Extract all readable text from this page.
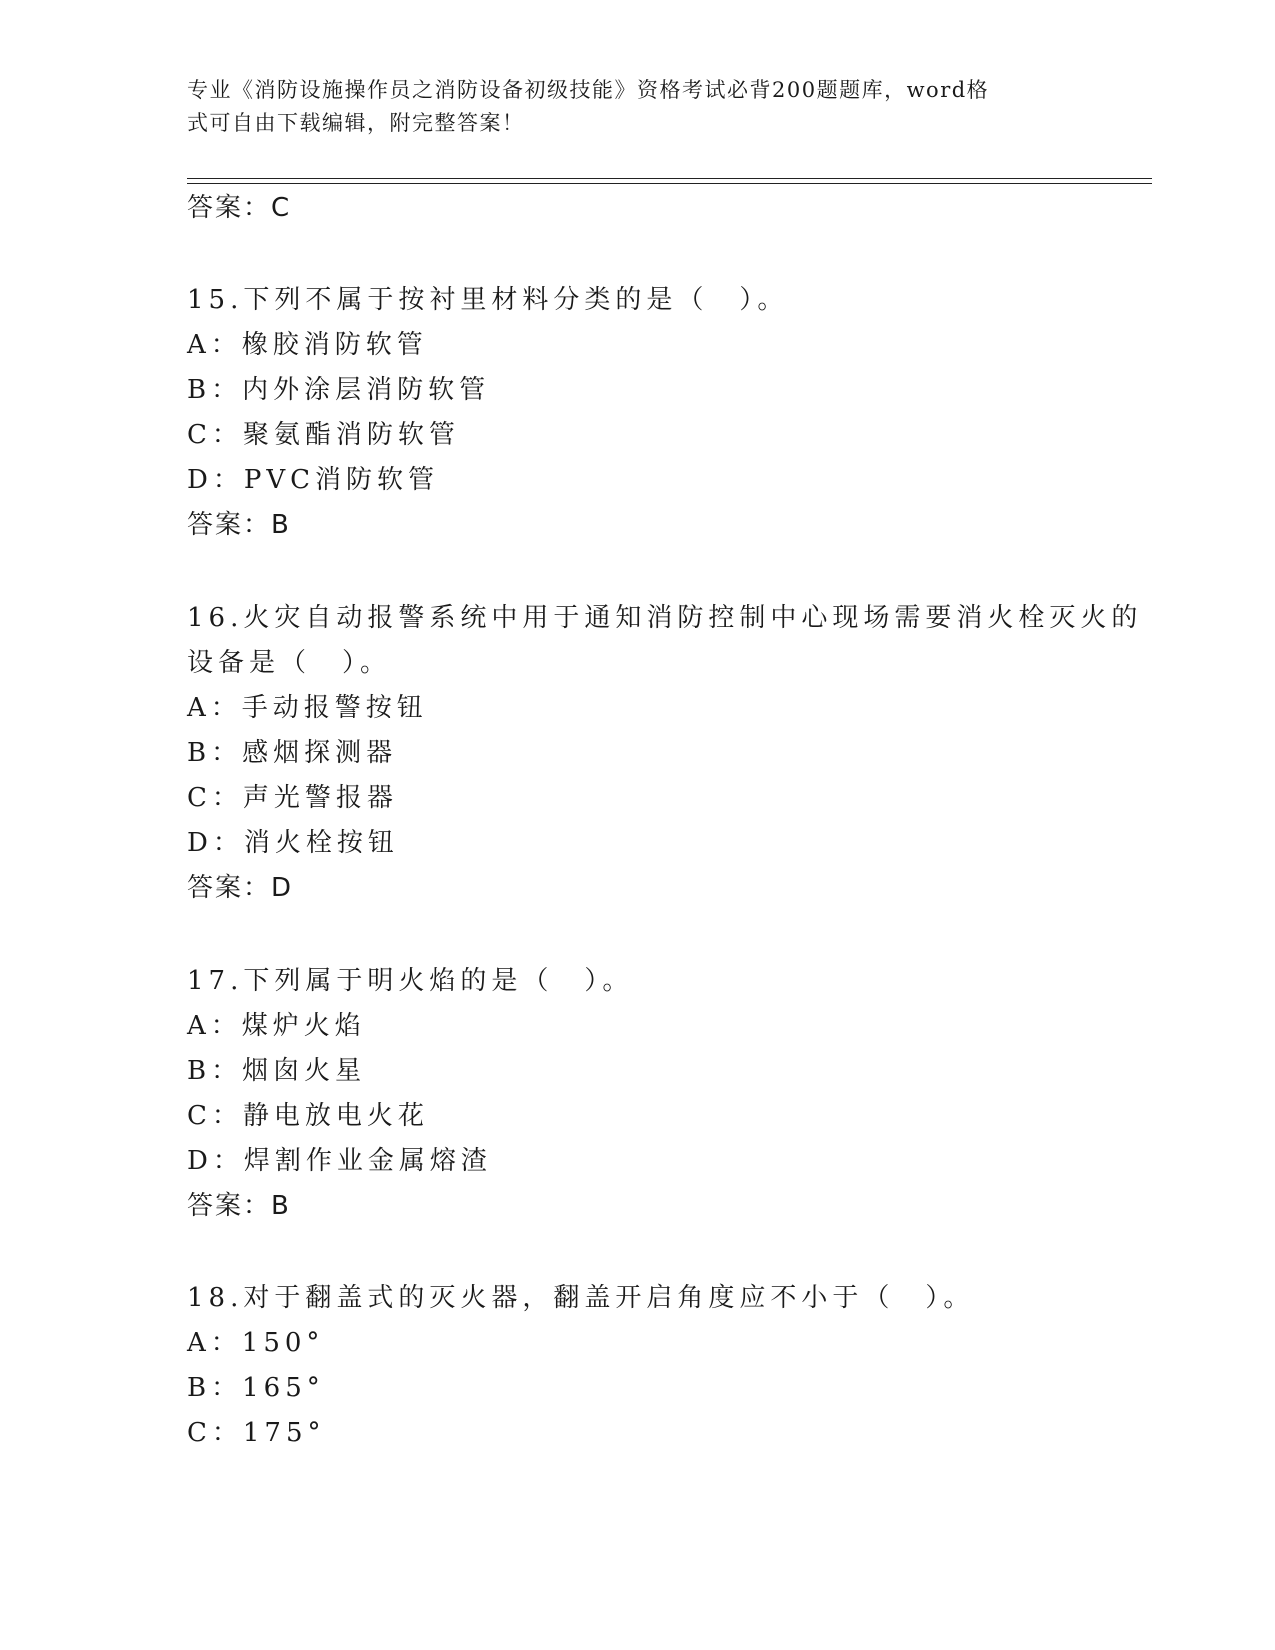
专业《消防设施操作员之消防设备初级技能》资格考试必背200题题库，word格
式可自由下载编辑，附完整答案！
答案：C
15.下列不属于按衬里材料分类的是（　）。
A：橡胶消防软管
B：内外涂层消防软管
C：聚氨酯消防软管
D：PVC消防软管
答案：B
16.火灾自动报警系统中用于通知消防控制中心现场需要消火栓灭火的
设备是（　）。
A：手动报警按钮
B：感烟探测器
C：声光警报器
D：消火栓按钮
答案：D
17.下列属于明火焰的是（　）。
A：煤炉火焰
B：烟囱火星
C：静电放电火花
D：焊割作业金属熔渣
答案：B
18.对于翻盖式的灭火器，翻盖开启角度应不小于（　）。
A：150°
B：165°
C：175°
